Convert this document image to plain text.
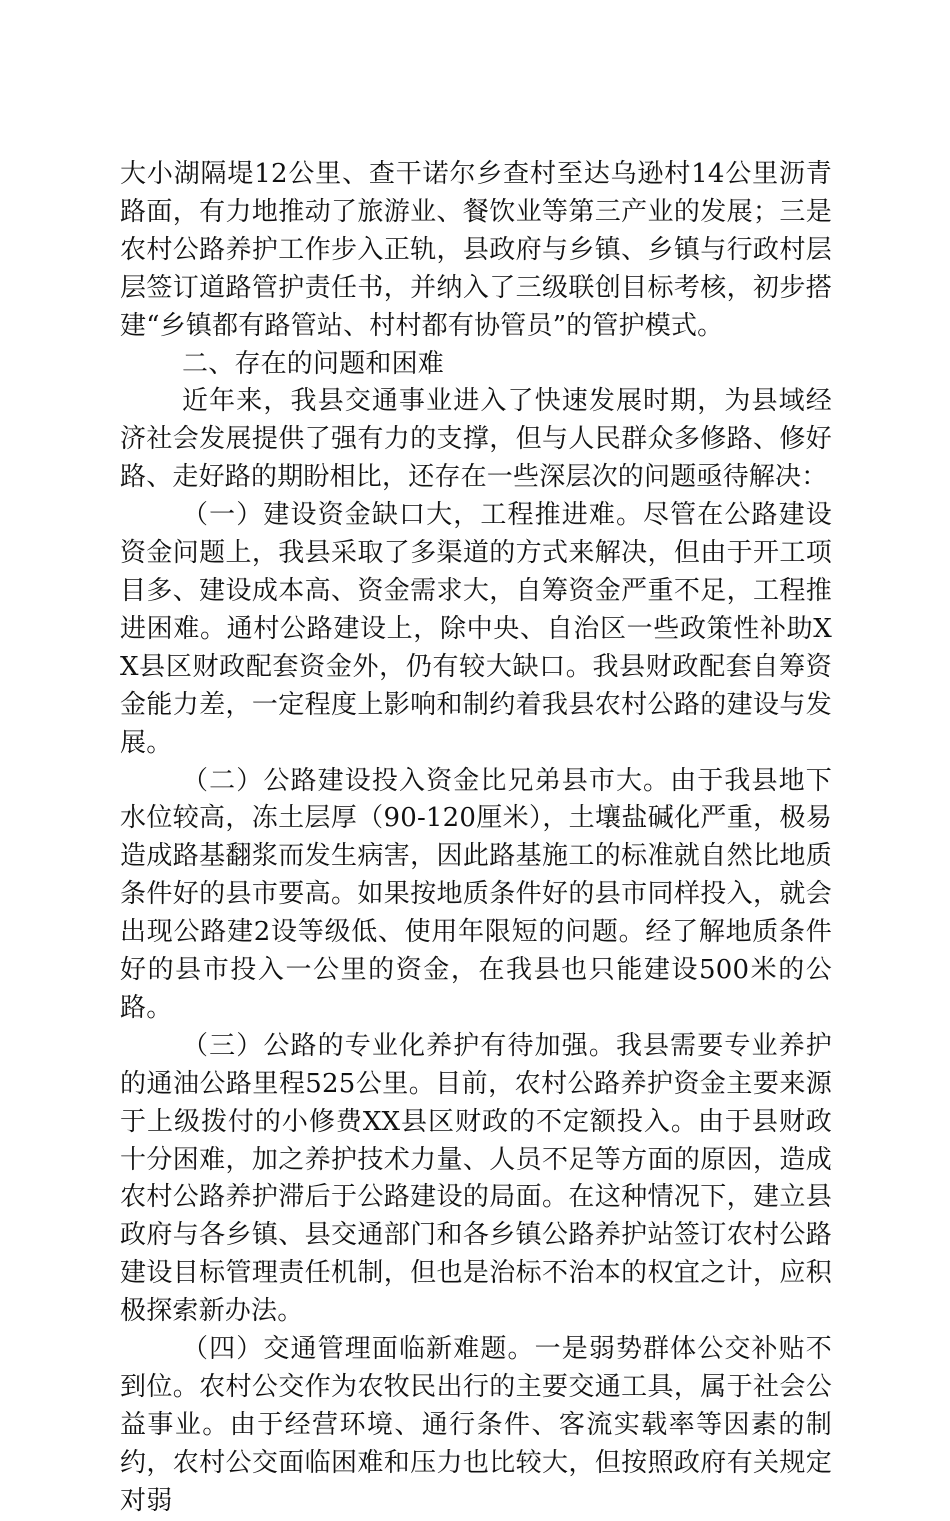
大小湖隔堤12公里、查干诺尔乡查村至达乌逊村14公里沥青路面，有力地推动了旅游业、餐饮业等第三产业的发展；三是农村公路养护工作步入正轨，县政府与乡镇、乡镇与行政村层层签订道路管护责任书，并纳入了三级联创目标考核，初步搭建“乡镇都有路管站、村村都有协管员”的管护模式。

二、存在的问题和困难

近年来，我县交通事业进入了快速发展时期，为县域经济社会发展提供了强有力的支撑，但与人民群众多修路、修好路、走好路的期盼相比，还存在一些深层次的问题亟待解决：

（一）建设资金缺口大，工程推进难。尽管在公路建设资金问题上，我县采取了多渠道的方式来解决，但由于开工项目多、建设成本高、资金需求大，自筹资金严重不足，工程推进困难。通村公路建设上，除中央、自治区一些政策性补助XX县区财政配套资金外，仍有较大缺口。我县财政配套自筹资金能力差，一定程度上影响和制约着我县农村公路的建设与发展。

（二）公路建设投入资金比兄弟县市大。由于我县地下水位较高，冻土层厚（90-120厘米），土壤盐碱化严重，极易造成路基翻浆而发生病害，因此路基施工的标准就自然比地质条件好的县市要高。如果按地质条件好的县市同样投入，就会出现公路建2设等级低、使用年限短的问题。经了解地质条件好的县市投入一公里的资金，在我县也只能建设500米的公路。

（三）公路的专业化养护有待加强。我县需要专业养护的通油公路里程525公里。目前，农村公路养护资金主要来源于上级拨付的小修费XX县区财政的不定额投入。由于县财政十分困难，加之养护技术力量、人员不足等方面的原因，造成农村公路养护滞后于公路建设的局面。在这种情况下，建立县政府与各乡镇、县交通部门和各乡镇公路养护站签订农村公路建设目标管理责任机制，但也是治标不治本的权宜之计，应积极探索新办法。

（四）交通管理面临新难题。一是弱势群体公交补贴不到位。农村公交作为农牧民出行的主要交通工具，属于社会公益事业。由于经营环境、通行条件、客流实载率等因素的制约，农村公交面临困难和压力也比较大，但按照政府有关规定对弱
